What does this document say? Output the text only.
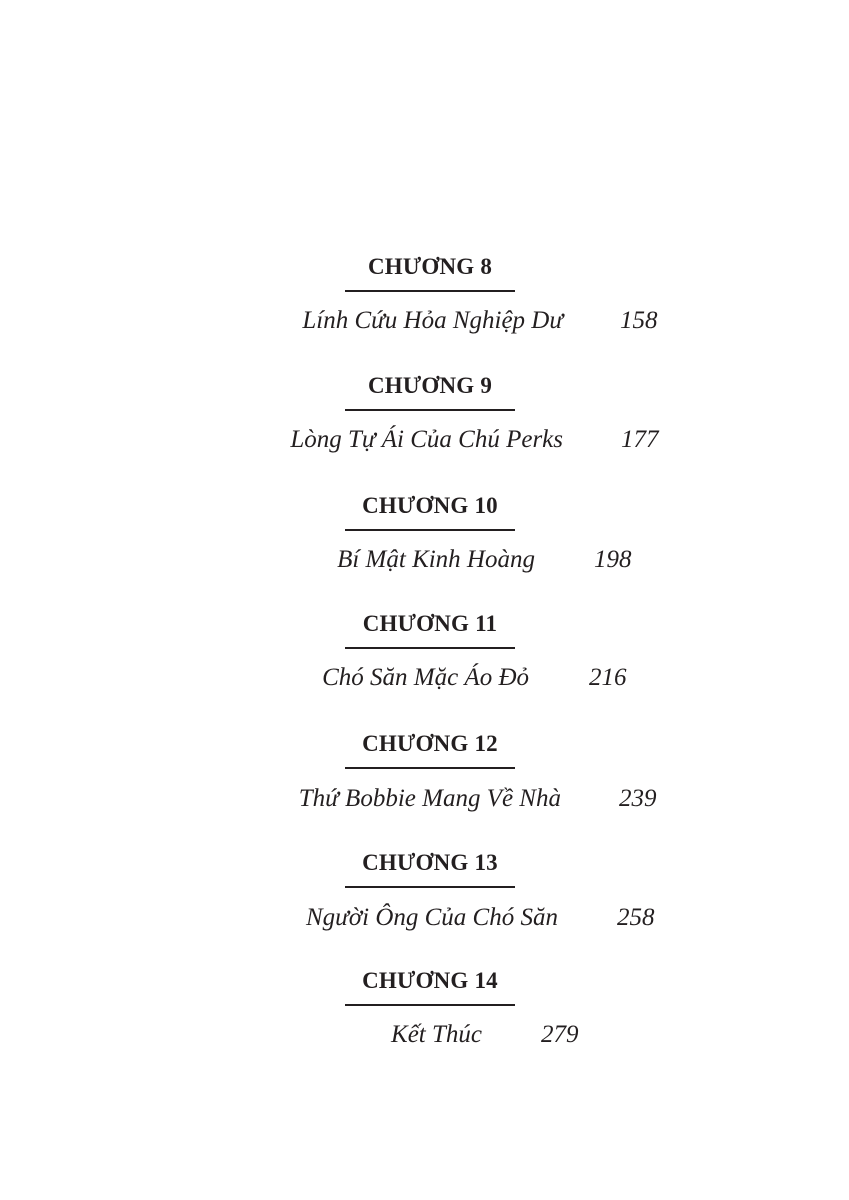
CHƯƠNG 8
Lính Cứu Hỏa Nghiệp Dư 158
CHƯƠNG 9
Lòng Tự Ái Của Chú Perks 177
CHƯƠNG 10
Bí Mật Kinh Hoàng 198
CHƯƠNG 11
Chó Săn Mặc Áo Đỏ 216
CHƯƠNG 12
Thứ Bobbie Mang Về Nhà 239
CHƯƠNG 13
Người Ông Của Chó Săn 258
CHƯƠNG 14
Kết Thúc 279
